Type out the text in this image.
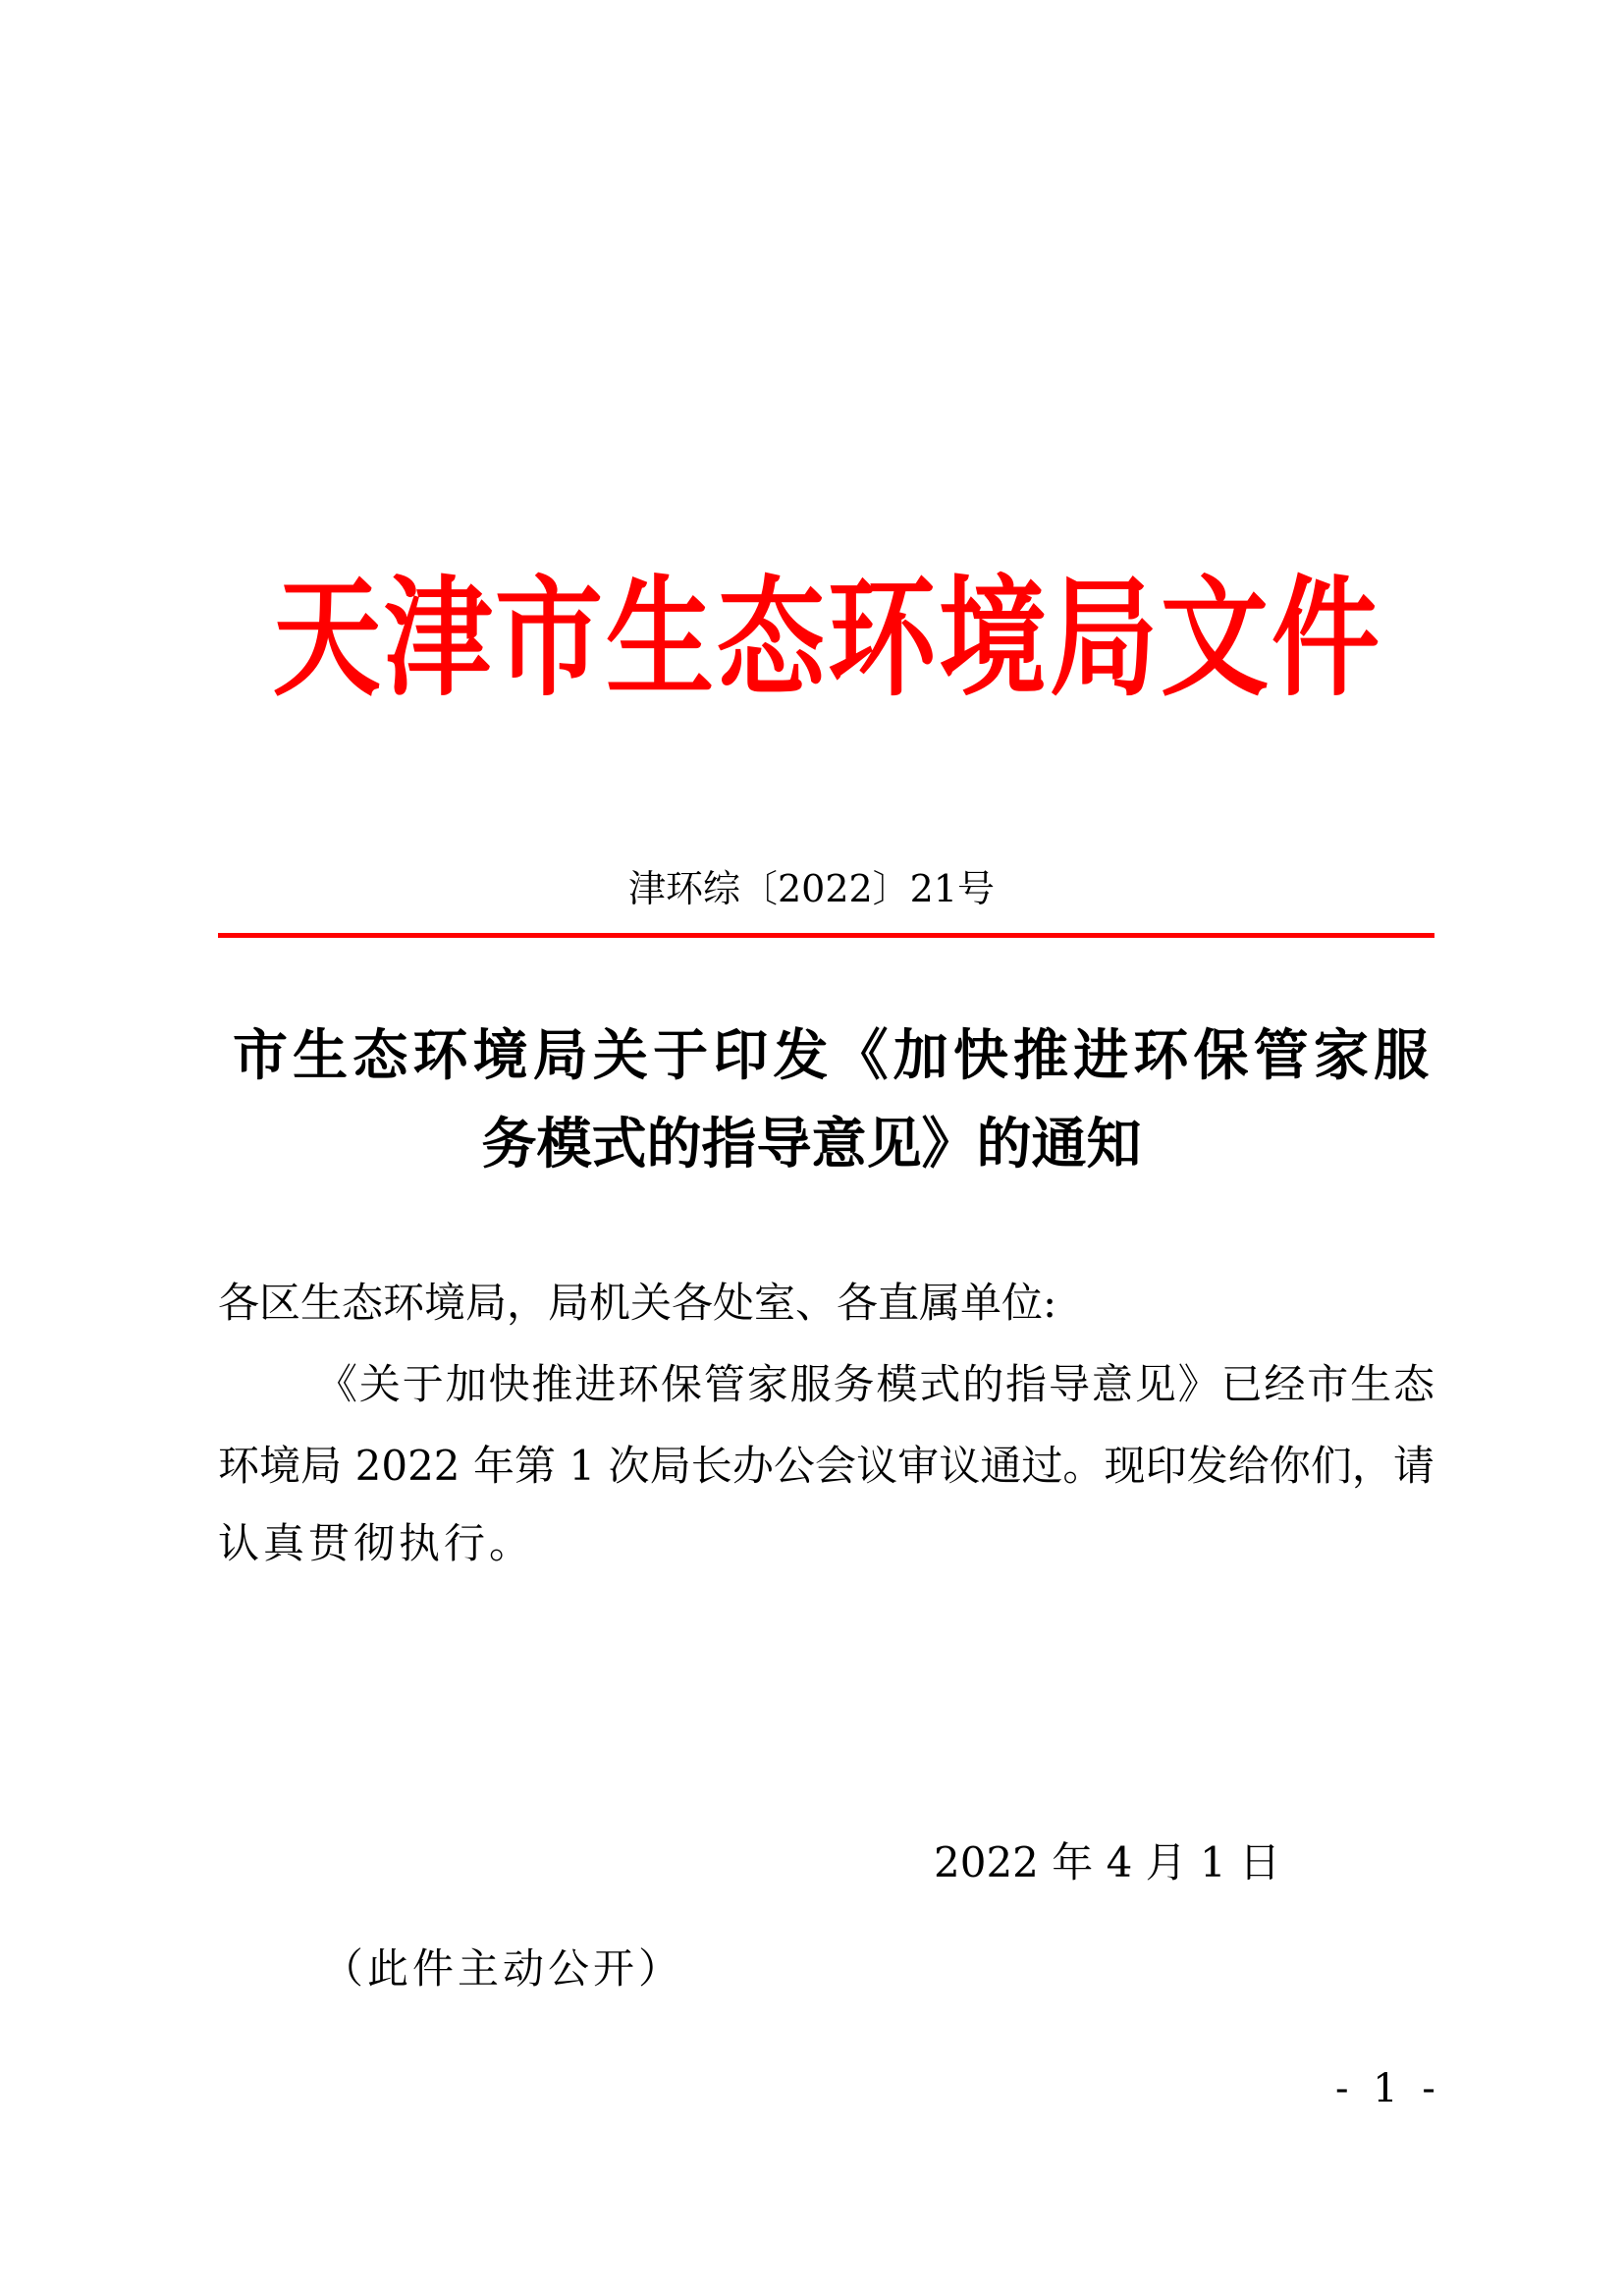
天津市生态环境局文件
津环综〔2022〕21号
市生态环境局关于印发《加快推进环保管家服
务模式的指导意见》的通知
各区生态环境局，局机关各处室、各直属单位:
《关于加快推进环保管家服务模式的指导意见》已经市生态
环境局 2022 年第 1 次局长办公会议审议通过。现印发给你们，请
认真贯彻执行。
2022 年 4 月 1 日
（此件主动公开）
- 1 -
